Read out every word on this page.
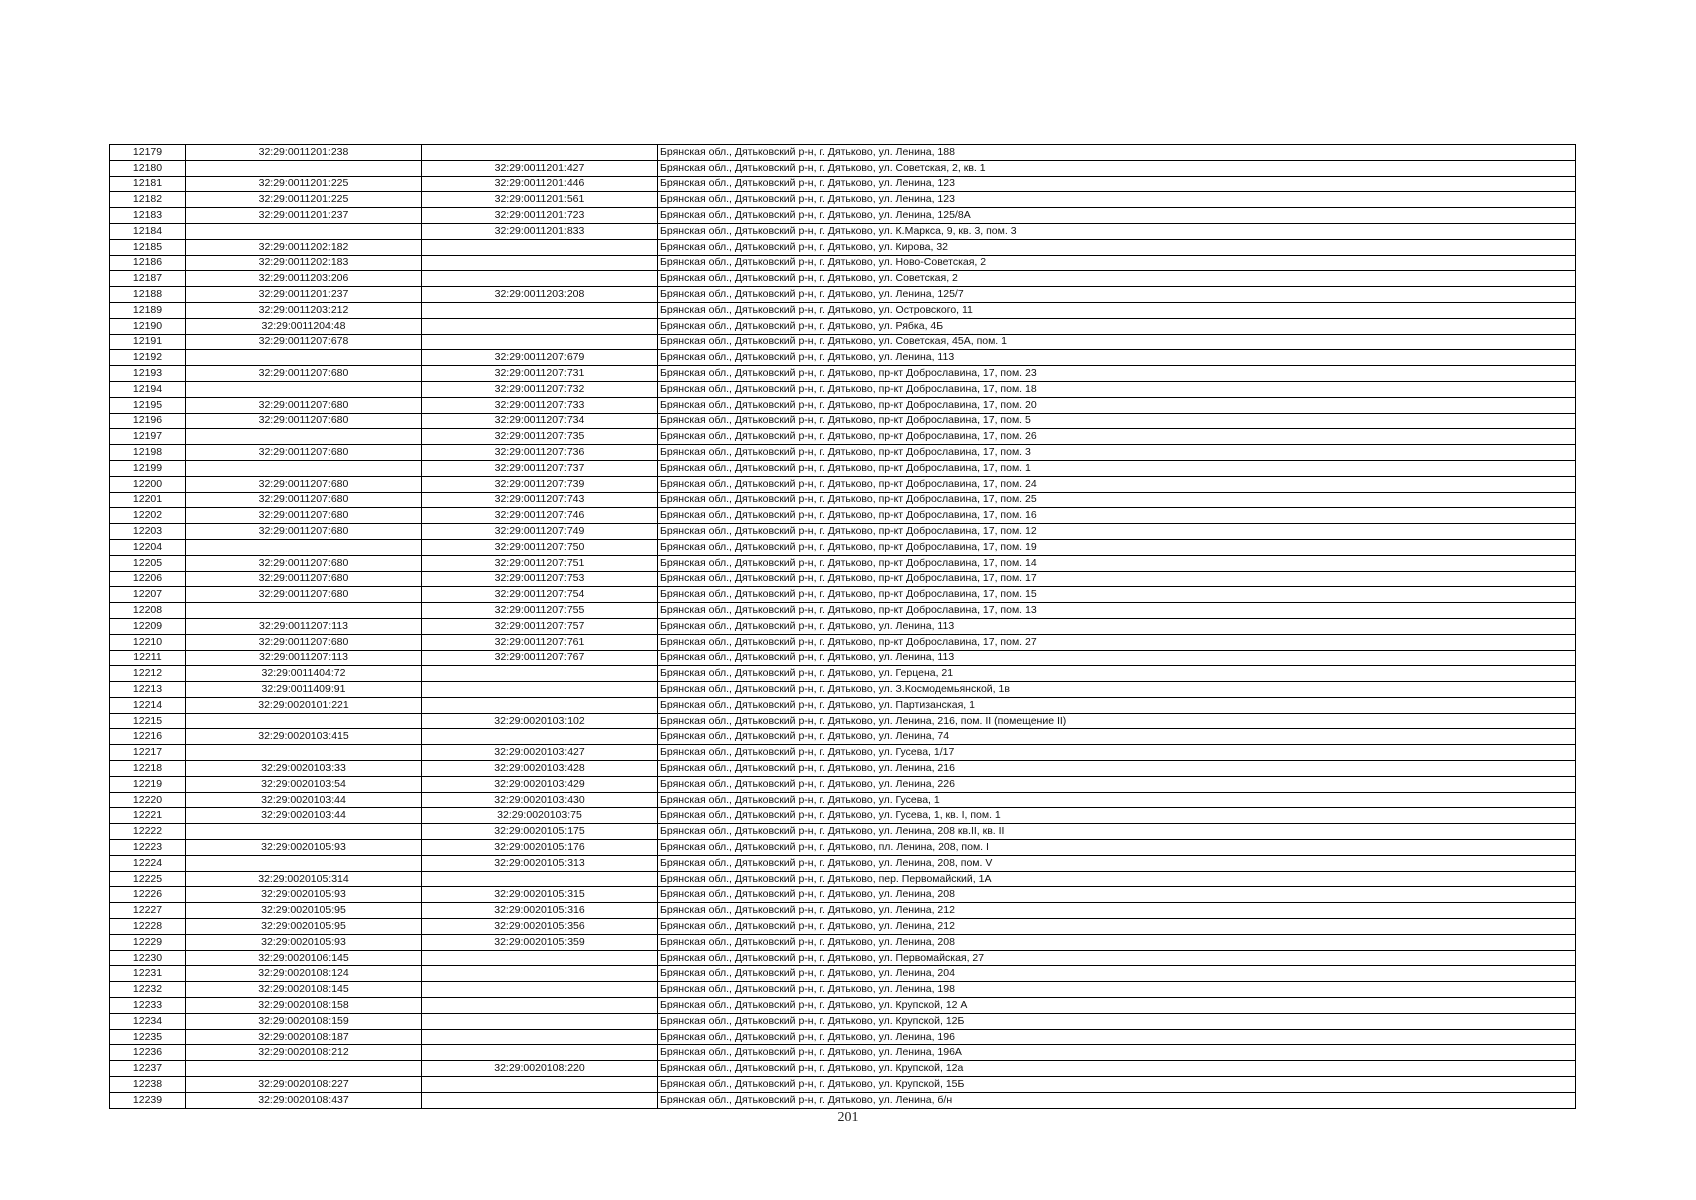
12179	32:29:0011201:238		Брянская обл., Дятьковский р-н, г. Дятьково, ул. Ленина, 188
12180		32:29:0011201:427	Брянская обл., Дятьковский р-н, г. Дятьково, ул. Советская, 2, кв. 1
12181	32:29:0011201:225	32:29:0011201:446	Брянская обл., Дятьковский р-н, г. Дятьково, ул. Ленина, 123
12182	32:29:0011201:225	32:29:0011201:561	Брянская обл., Дятьковский р-н, г. Дятьково, ул. Ленина, 123
12183	32:29:0011201:237	32:29:0011201:723	Брянская обл., Дятьковский р-н, г. Дятьково, ул. Ленина, 125/8А
12184		32:29:0011201:833	Брянская обл., Дятьковский р-н, г. Дятьково, ул. К.Маркса, 9, кв. 3, пом. 3
12185	32:29:0011202:182		Брянская обл., Дятьковский р-н, г. Дятьково, ул. Кирова, 32
12186	32:29:0011202:183		Брянская обл., Дятьковский р-н, г. Дятьково, ул. Ново-Советская, 2
12187	32:29:0011203:206		Брянская обл., Дятьковский р-н, г. Дятьково, ул. Советская, 2
12188	32:29:0011201:237	32:29:0011203:208	Брянская обл., Дятьковский р-н, г. Дятьково, ул. Ленина, 125/7
12189	32:29:0011203:212		Брянская обл., Дятьковский р-н, г. Дятьково, ул. Островского, 11
12190	32:29:0011204:48		Брянская обл., Дятьковский р-н, г. Дятьково, ул. Рябка, 4Б
12191	32:29:0011207:678		Брянская обл., Дятьковский р-н, г. Дятьково, ул. Советская, 45А, пом. 1
12192		32:29:0011207:679	Брянская обл., Дятьковский р-н, г. Дятьково, ул. Ленина, 113
12193	32:29:0011207:680	32:29:0011207:731	Брянская обл., Дятьковский р-н, г. Дятьково, пр-кт Доброславина, 17, пом. 23
12194		32:29:0011207:732	Брянская обл., Дятьковский р-н, г. Дятьково, пр-кт Доброславина, 17, пом. 18
12195	32:29:0011207:680	32:29:0011207:733	Брянская обл., Дятьковский р-н, г. Дятьково, пр-кт Доброславина, 17, пом. 20
12196	32:29:0011207:680	32:29:0011207:734	Брянская обл., Дятьковский р-н, г. Дятьково, пр-кт Доброславина, 17, пом. 5
12197		32:29:0011207:735	Брянская обл., Дятьковский р-н, г. Дятьково, пр-кт Доброславина, 17, пом. 26
12198	32:29:0011207:680	32:29:0011207:736	Брянская обл., Дятьковский р-н, г. Дятьково, пр-кт Доброславина, 17, пом. 3
12199		32:29:0011207:737	Брянская обл., Дятьковский р-н, г. Дятьково, пр-кт Доброславина, 17, пом. 1
12200	32:29:0011207:680	32:29:0011207:739	Брянская обл., Дятьковский р-н, г. Дятьково, пр-кт Доброславина, 17, пом. 24
12201	32:29:0011207:680	32:29:0011207:743	Брянская обл., Дятьковский р-н, г. Дятьково, пр-кт Доброславина, 17, пом. 25
12202	32:29:0011207:680	32:29:0011207:746	Брянская обл., Дятьковский р-н, г. Дятьково, пр-кт Доброславина, 17, пом. 16
12203	32:29:0011207:680	32:29:0011207:749	Брянская обл., Дятьковский р-н, г. Дятьково, пр-кт Доброславина, 17, пом. 12
12204		32:29:0011207:750	Брянская обл., Дятьковский р-н, г. Дятьково, пр-кт Доброславина, 17, пом. 19
12205	32:29:0011207:680	32:29:0011207:751	Брянская обл., Дятьковский р-н, г. Дятьково, пр-кт Доброславина, 17, пом. 14
12206	32:29:0011207:680	32:29:0011207:753	Брянская обл., Дятьковский р-н, г. Дятьково, пр-кт Доброславина, 17, пом. 17
12207	32:29:0011207:680	32:29:0011207:754	Брянская обл., Дятьковский р-н, г. Дятьково, пр-кт Доброславина, 17, пом. 15
12208		32:29:0011207:755	Брянская обл., Дятьковский р-н, г. Дятьково, пр-кт Доброславина, 17, пом. 13
12209	32:29:0011207:113	32:29:0011207:757	Брянская обл., Дятьковский р-н, г. Дятьково, ул. Ленина, 113
12210	32:29:0011207:680	32:29:0011207:761	Брянская обл., Дятьковский р-н, г. Дятьково, пр-кт Доброславина, 17, пом. 27
12211	32:29:0011207:113	32:29:0011207:767	Брянская обл., Дятьковский р-н, г. Дятьково, ул. Ленина, 113
12212	32:29:0011404:72		Брянская обл., Дятьковский р-н, г. Дятьково, ул. Герцена, 21
12213	32:29:0011409:91		Брянская обл., Дятьковский р-н, г. Дятьково, ул. З.Космодемьянской, 1в
12214	32:29:0020101:221		Брянская обл., Дятьковский р-н, г. Дятьково, ул. Партизанская, 1
12215		32:29:0020103:102	Брянская обл., Дятьковский р-н, г. Дятьково, ул. Ленина, 216, пом. II (помещение II)
12216	32:29:0020103:415		Брянская обл., Дятьковский р-н, г. Дятьково, ул. Ленина, 74
12217		32:29:0020103:427	Брянская обл., Дятьковский р-н, г. Дятьково, ул. Гусева, 1/17
12218	32:29:0020103:33	32:29:0020103:428	Брянская обл., Дятьковский р-н, г. Дятьково, ул. Ленина, 216
12219	32:29:0020103:54	32:29:0020103:429	Брянская обл., Дятьковский р-н, г. Дятьково, ул. Ленина, 226
12220	32:29:0020103:44	32:29:0020103:430	Брянская обл., Дятьковский р-н, г. Дятьково, ул. Гусева, 1
12221	32:29:0020103:44	32:29:0020103:75	Брянская обл., Дятьковский р-н, г. Дятьково, ул. Гусева, 1, кв. I, пом. 1
12222		32:29:0020105:175	Брянская обл., Дятьковский р-н, г. Дятьково, ул. Ленина, 208 кв.II, кв. II
12223	32:29:0020105:93	32:29:0020105:176	Брянская обл., Дятьковский р-н, г. Дятьково, пл. Ленина, 208, пом. I
12224		32:29:0020105:313	Брянская обл., Дятьковский р-н, г. Дятьково, ул. Ленина, 208, пом. V
12225	32:29:0020105:314		Брянская обл., Дятьковский р-н, г. Дятьково, пер. Первомайский, 1А
12226	32:29:0020105:93	32:29:0020105:315	Брянская обл., Дятьковский р-н, г. Дятьково, ул. Ленина, 208
12227	32:29:0020105:95	32:29:0020105:316	Брянская обл., Дятьковский р-н, г. Дятьково, ул. Ленина, 212
12228	32:29:0020105:95	32:29:0020105:356	Брянская обл., Дятьковский р-н, г. Дятьково, ул. Ленина, 212
12229	32:29:0020105:93	32:29:0020105:359	Брянская обл., Дятьковский р-н, г. Дятьково, ул. Ленина, 208
12230	32:29:0020106:145		Брянская обл., Дятьковский р-н, г. Дятьково, ул. Первомайская, 27
12231	32:29:0020108:124		Брянская обл., Дятьковский р-н, г. Дятьково, ул. Ленина, 204
12232	32:29:0020108:145		Брянская обл., Дятьковский р-н, г. Дятьково, ул. Ленина, 198
12233	32:29:0020108:158		Брянская обл., Дятьковский р-н, г. Дятьково, ул. Крупской, 12 А
12234	32:29:0020108:159		Брянская обл., Дятьковский р-н, г. Дятьково, ул. Крупской, 12Б
12235	32:29:0020108:187		Брянская обл., Дятьковский р-н, г. Дятьково, ул. Ленина, 196
12236	32:29:0020108:212		Брянская обл., Дятьковский р-н, г. Дятьково, ул. Ленина, 196А
12237		32:29:0020108:220	Брянская обл., Дятьковский р-н, г. Дятьково, ул. Крупской, 12а
12238	32:29:0020108:227		Брянская обл., Дятьковский р-н, г. Дятьково, ул. Крупской, 15Б
12239	32:29:0020108:437		Брянская обл., Дятьковский р-н, г. Дятьково, ул. Ленина, б/н
201
